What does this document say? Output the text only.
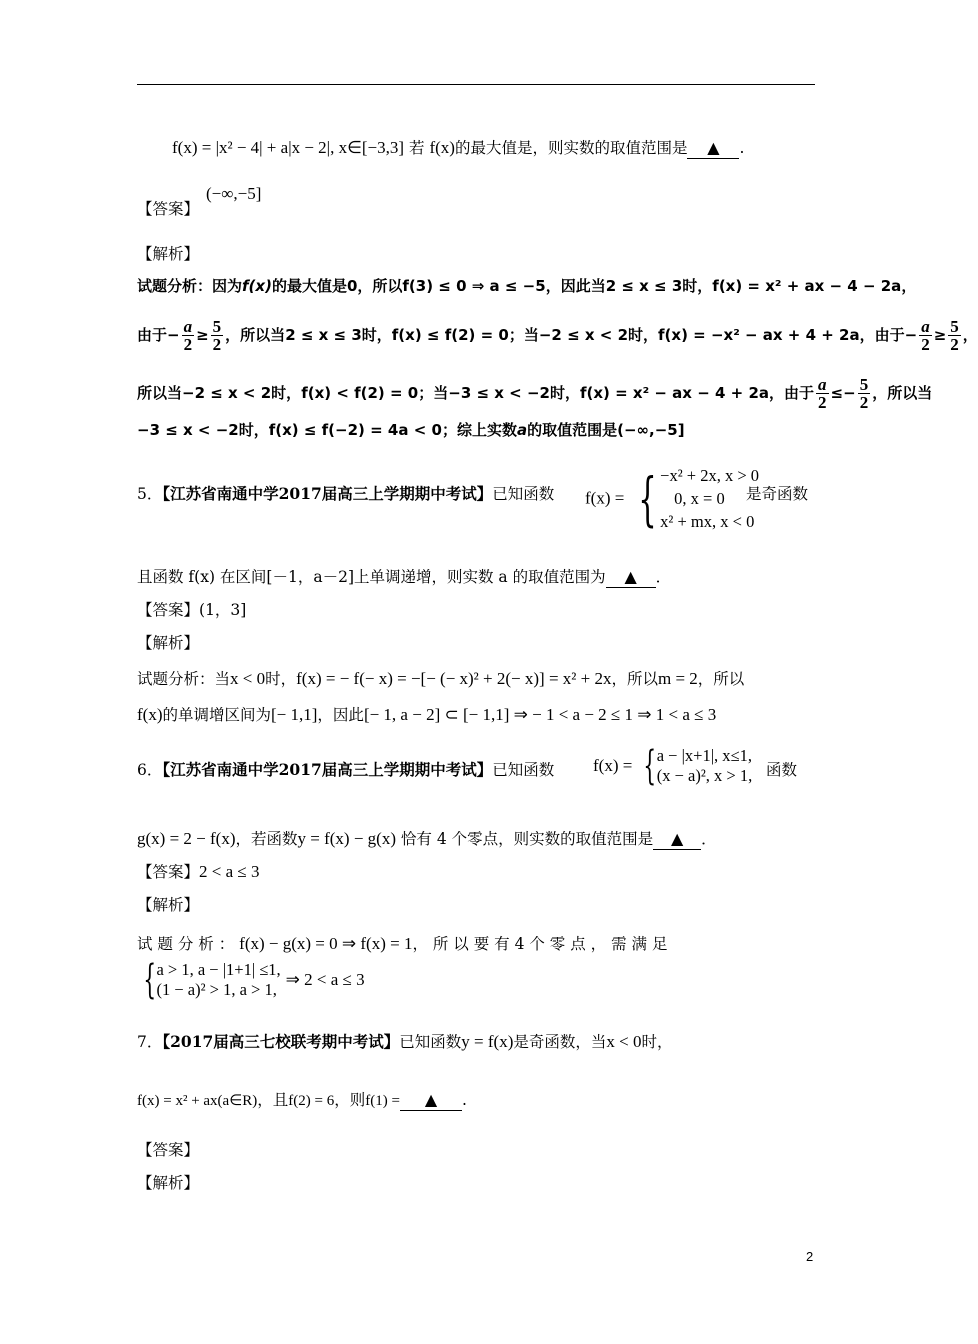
f(x) = |x² − 4| + a|x − 2|, x∈[−3,3] 若 f(x)的最大值是，则实数的取值范围是 ▲ .
(−∞,−5]
【答案】
【解析】
试题分析：因为f(x)的最大值是0，所以f(3) ≤ 0 ⇒ a ≤ −5，因此当2 ≤ x ≤ 3时，f(x) = x² + ax − 4 − 2a，
由于− $\frac{a}{2} \ge \frac{5}{2}$ ，所以当2 ≤ x ≤ 3时，f(x) ≤ f(2) = 0；当−2 ≤ x < 2时，f(x) = −x² − ax + 4 + 2a，由于− $\frac{a}{2} \ge \frac{5}{2}$ ，
所以当−2 ≤ x < 2时，f(x) < f(2) = 0；当−3 ≤ x < −2时，f(x) = x² − ax − 4 + 2a，由于 $\frac{a}{2} \le- \frac{5}{2}$ ，所以当
−3 ≤ x < −2时，f(x) ≤ f(−2) = 4a < 0；综上实数a的取值范围是(−∞,−5]
5．【江苏省南通中学2017届高三上学期期中考试】已知函数 f(x) = { −x² + 2x, x > 0
0, x = 0
x² + mx, x < 0
是奇函数
且函数 f(x) 在区间[－1，a－2]上单调递增，则实数 a 的取值范围为 ▲ ．
【答案】(1，3]
【解析】
试题分析：当x < 0时，f(x) = − f(− x) = −[− (− x)² + 2(− x)] = x² + 2x，所以m = 2，所以
f(x)的单调增区间为[− 1,1]，因此[− 1, a − 2] ⊂ [− 1,1] ⇒ − 1 < a − 2 ≤ 1 ⇒ 1 < a ≤ 3
6．【江苏省南通中学2017届高三上学期期中考试】已知函数 f(x) = { a − |x+1|, x≤1,
(x − a)², x > 1, 函数
g(x) = 2 − f(x)，若函数y = f(x) − g(x) 恰有 4 个零点，则实数的取值范围是 ▲ ．
【答案】2 < a ≤ 3
【解析】
试 题 分 析 ： f(x) − g(x) = 0 ⇒ f(x) = 1， 所 以 要 有 4 个 零 点 ， 需 满 足
{ a > 1, a − |1+1| ≤1,
(1 − a)² > 1, a > 1,
⇒ 2 < a ≤ 3
7．【2017届高三七校联考期中考试】已知函数y = f(x)是奇函数，当x < 0时，
f(x) = x² + ax(a∈R)，且f(2) = 6，则f(1) = ▲ .
【答案】
【解析】
2
